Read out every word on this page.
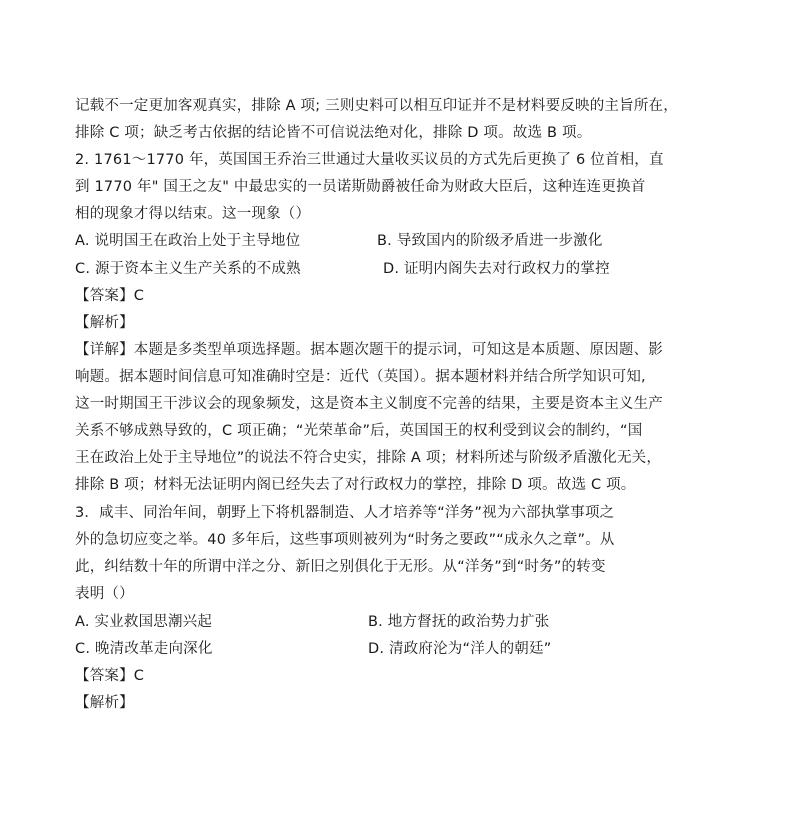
记载不一定更加客观真实，排除 A 项; 三则史料可以相互印证并不是材料要反映的主旨所在，
排除 C 项；缺乏考古依据的结论皆不可信说法绝对化，排除 D 项。故选 B 项。
2. 1761～1770 年，英国国王乔治三世通过大量收买议员的方式先后更换了 6 位首相，直
到 1770 年" 国王之友" 中最忠实的一员诺斯勋爵被任命为财政大臣后，这种连连更换首
相的现象才得以结束。这一现象（）
A. 说明国王在政治上处于主导地位	B. 导致国内的阶级矛盾进一步激化
C. 源于资本主义生产关系的不成熟	D. 证明内阁失去对行政权力的掌控
【答案】C
【解析】
【详解】本题是多类型单项选择题。据本题次题干的提示词，可知这是本质题、原因题、影
响题。据本题时间信息可知准确时空是：近代（英国）。据本题材料并结合所学知识可知,
这一时期国王干涉议会的现象频发，这是资本主义制度不完善的结果，主要是资本主义生产
关系不够成熟导致的，C 项正确；“光荣革命”后，英国国王的权利受到议会的制约，“国
王在政治上处于主导地位”的说法不符合史实，排除 A 项；材料所述与阶级矛盾激化无关，
排除 B 项；材料无法证明内阁已经失去了对行政权力的掌控，排除 D 项。故选 C 项。
3．咸丰、同治年间，朝野上下将机器制造、人才培养等“洋务”视为六部执掌事项之
外的急切应变之举。40 多年后，这些事项则被列为“时务之要政”“成永久之章”。从
此，纠结数十年的所谓中洋之分、新旧之别俱化于无形。从“洋务”到“时务”的转变
表明（）
A. 实业救国思潮兴起	B. 地方督抚的政治势力扩张
C. 晚清改革走向深化	D. 清政府沦为“洋人的朝廷”
【答案】C
【解析】
